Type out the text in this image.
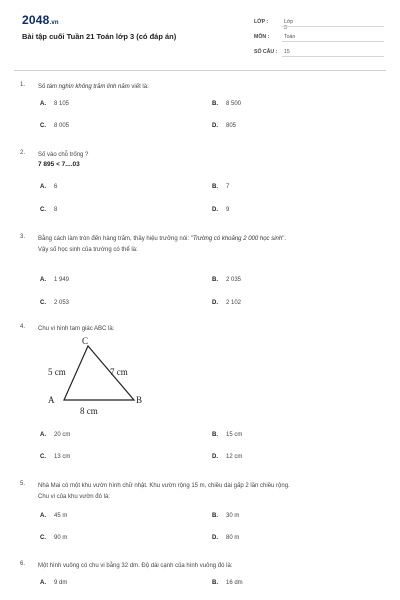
2048.vn
Bài tập cuối Tuần 21 Toán lớp 3 (có đáp án)
LỚP :	Lớp 3
MÔN :	Toán
SỐ CÂU :	15
1. Số tám nghìn không trăm linh năm viết là:
A. 8 105	B. 8 500
C. 8 005	D. 805
2. Số vào chỗ trống ?
7 895 < 7....03
A. 6	B. 7
C. 8	D. 9
3. Bằng cách làm tròn đến hàng trăm, thầy hiệu trưởng nói: "Trường có khoảng 2 000 học sinh".
Vậy số học sinh của trường có thể là:
A. 1 949	B. 2 035
C. 2 053	D. 2 102
4. Chu vi hình tam giác ABC là:
C
A	B
5 cm	7 cm
8 cm
A. 20 cm	B. 15 cm
C. 13 cm	D. 12 cm
5. Nhà Mai có một khu vườn hình chữ nhật. Khu vườn rộng 15 m, chiều dài gấp 2 lần chiều rộng.
Chu vi của khu vườn đó là:
A. 45 m	B. 30 m
C. 90 m	D. 80 m
6. Một hình vuông có chu vi bằng 32 dm. Độ dài cạnh của hình vuông đó là:
A. 9 dm	B. 16 dm
